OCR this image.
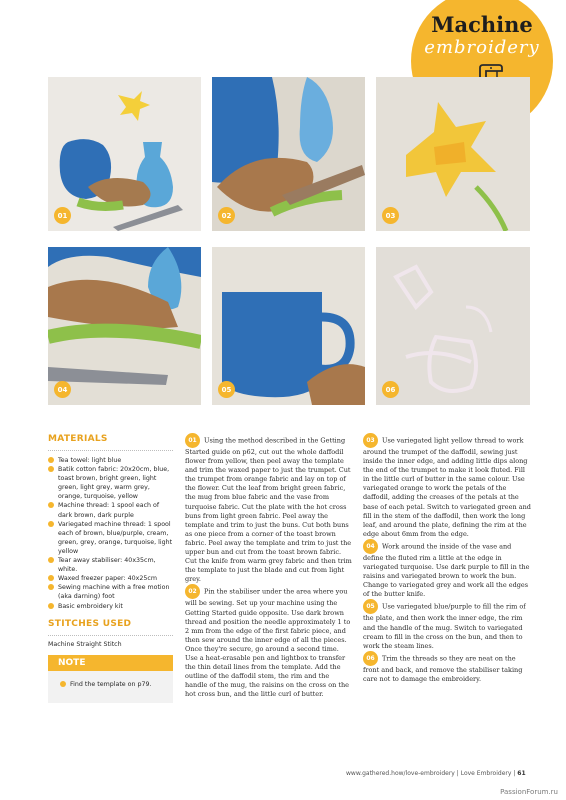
Machine
embroidery
01	02	03
04	05	06
MATERIALS
Tea towel: light blue
Batik cotton fabric: 20x20cm, blue, toast brown, bright green, light green, light grey, warm grey, orange, turquoise, yellow
Machine thread: 1 spool each of dark brown, dark purple
Variegated machine thread: 1 spool each of brown, blue/purple, cream, green, grey, orange, turquoise, light yellow
Tear away stabiliser: 40x35cm, white.
Waxed freezer paper: 40x25cm
Sewing machine with a free motion (aka darning) foot
Basic embroidery kit
STITCHES USED
Machine Straight Stitch
NOTE
Find the template on p79.

01 Using the method described in the Getting Started guide on p62, cut out the whole daffodil flower from yellow, then peel away the template and trim the waxed paper to just the trumpet. Cut the trumpet from orange fabric and lay on top of the flower. Cut the leaf from bright green fabric, the mug from blue fabric and the vase from turquoise fabric. Cut the plate with the hot cross buns from light green fabric. Peel away the template and trim to just the buns. Cut both buns as one piece from a corner of the toast brown fabric. Peel away the template and trim to just the upper bun and cut from the toast brown fabric. Cut the knife from warm grey fabric and then trim the template to just the blade and cut from light grey.

02 Pin the stabiliser under the area where you will be sewing. Set up your machine using the Getting Started guide opposite. Use dark brown thread and position the needle approximately 1 to 2 mm from the edge of the first fabric piece, and then sew around the inner edge of all the pieces. Once they're secure, go around a second time. Use a heat-erasable pen and lightbox to transfer the thin detail lines from the template. Add the outline of the daffodil stem, the rim and the handle of the mug, the raisins on the cross on the hot cross bun, and the little curl of butter.

03 Use variegated light yellow thread to work around the trumpet of the daffodil, sewing just inside the inner edge, and adding little dips along the end of the trumpet to make it look fluted. Fill in the little curl of butter in the same colour. Use variegated orange to work the petals of the daffodil, adding the creases of the petals at the base of each petal. Switch to variegated green and fill in the stem of the daffodil, then work the long leaf, and around the plate, defining the rim at the edge about 6mm from the edge.

04 Work around the inside of the vase and define the fluted rim a little at the edge in variegated turquoise. Use dark purple to fill in the raisins and variegated brown to work the bun. Change to variegated grey and work all the edges of the butter knife.

05 Use variegated blue/purple to fill the rim of the plate, and then work the inner edge, the rim and the handle of the mug. Switch to variegated cream to fill in the cross on the bun, and then to work the steam lines.

06 Trim the threads so they are neat on the front and back, and remove the stabiliser taking care not to damage the embroidery.

www.gathered.how/love-embroidery | Love Embroidery | 61
PassionForum.ru
